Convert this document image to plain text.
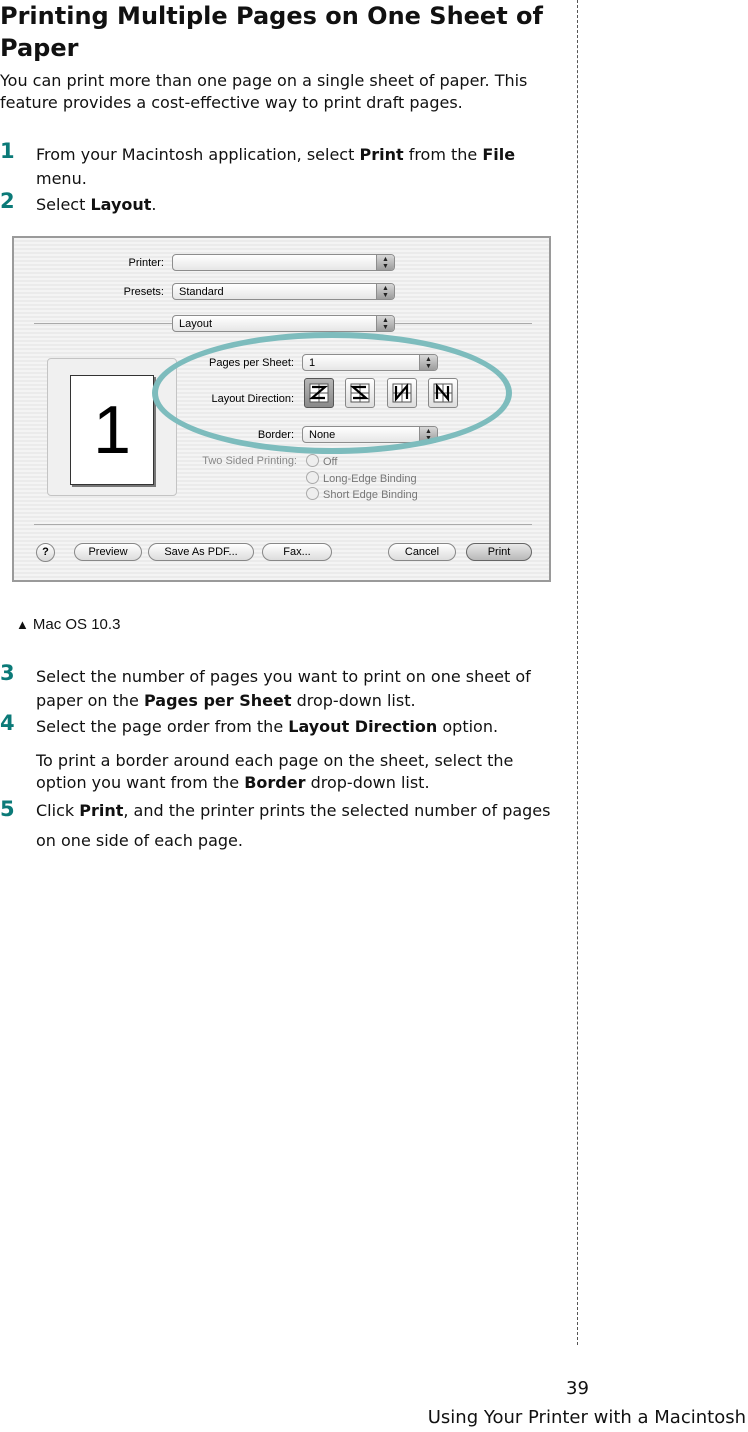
Printing Multiple Pages on One Sheet of Paper

You can print more than one page on a single sheet of paper. This feature provides a cost-effective way to print draft pages.

1 From your Macintosh application, select Print from the File menu.
2 Select Layout.
Printer:	▲
▼
Presets: Standard	▲
▼
Layout	▲
▼
1
Pages per Sheet: 1	▲
▼
Layout Direction:
Border: None	▲
▼
Two Sided Printing:	Off
Long-Edge Binding
Short Edge Binding
?	Preview	Save As PDF...	Fax...	Cancel	Print
▲ Mac OS 10.3
3 Select the number of pages you want to print on one sheet of paper on the Pages per Sheet drop-down list.
4 Select the page order from the Layout Direction option.
To print a border around each page on the sheet, select the option you want from the Border drop-down list.
5 Click Print, and the printer prints the selected number of pages on one side of each page.
39
Using Your Printer with a Macintosh
